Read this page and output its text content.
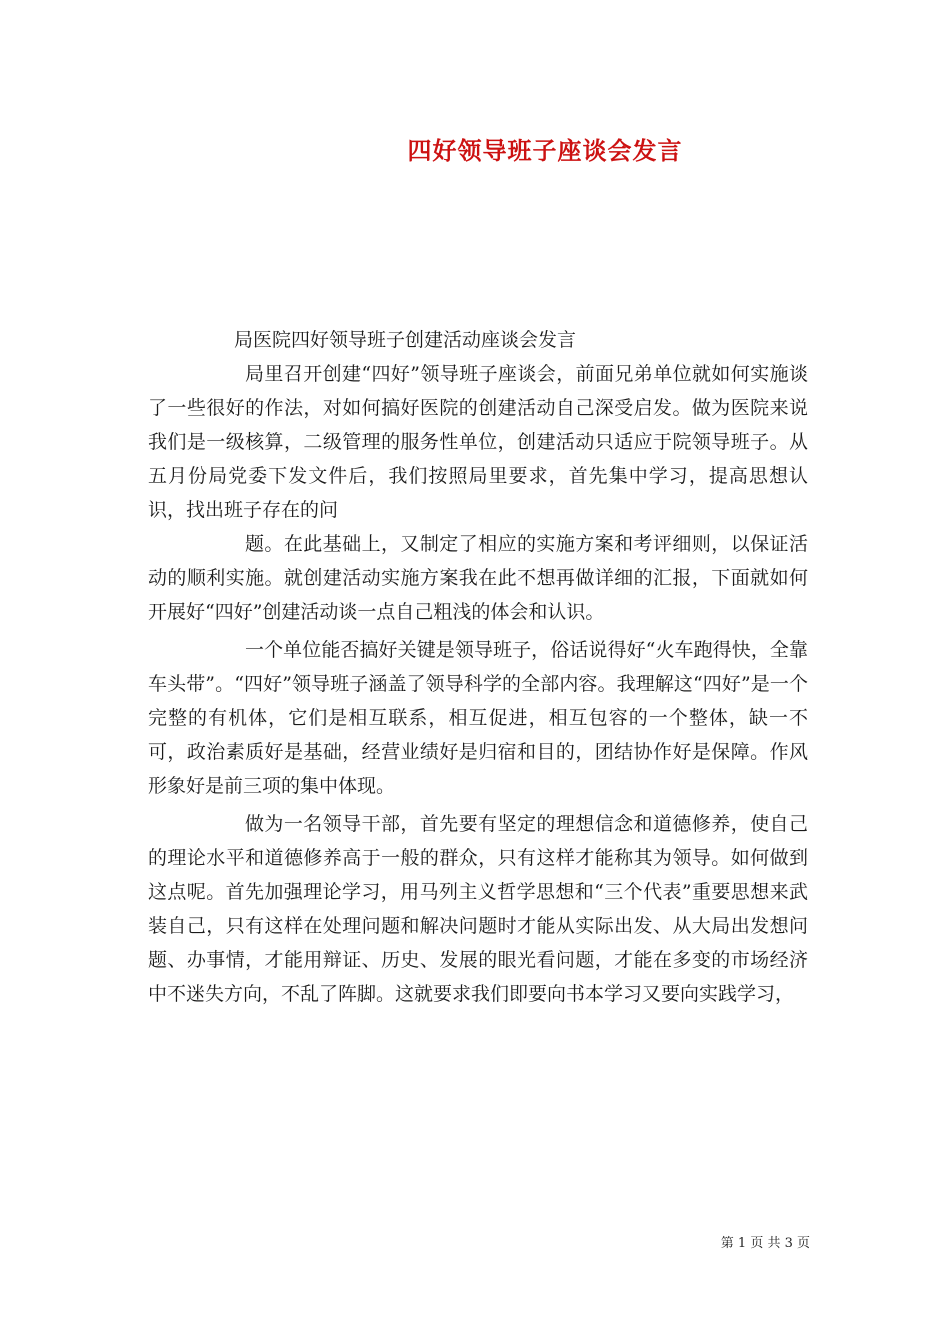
四好领导班子座谈会发言
局医院四好领导班子创建活动座谈会发言

局里召开创建“四好”领导班子座谈会，前面兄弟单位就如何实施谈了一些很好的作法，对如何搞好医院的创建活动自己深受启发。做为医院来说我们是一级核算，二级管理的服务性单位，创建活动只适应于院领导班子。从五月份局党委下发文件后，我们按照局里要求，首先集中学习，提高思想认识，找出班子存在的问

题。在此基础上，又制定了相应的实施方案和考评细则，以保证活动的顺利实施。就创建活动实施方案我在此不想再做详细的汇报，下面就如何开展好“四好”创建活动谈一点自己粗浅的体会和认识。

一个单位能否搞好关键是领导班子，俗话说得好“火车跑得快，全靠车头带”。“四好”领导班子涵盖了领导科学的全部内容。我理解这“四好”是一个完整的有机体，它们是相互联系，相互促进，相互包容的一个整体，缺一不可，政治素质好是基础，经营业绩好是归宿和目的，团结协作好是保障。作风形象好是前三项的集中体现。

做为一名领导干部，首先要有坚定的理想信念和道德修养，使自己的理论水平和道德修养高于一般的群众，只有这样才能称其为领导。如何做到这点呢。首先加强理论学习，用马列主义哲学思想和“三个代表”重要思想来武装自己，只有这样在处理问题和解决问题时才能从实际出发、从大局出发想问题、办事情，才能用辩证、历史、发展的眼光看问题，才能在多变的市场经济中不迷失方向，不乱了阵脚。这就要求我们即要向书本学习又要向实践学习，

第 1 页 共 3 页
